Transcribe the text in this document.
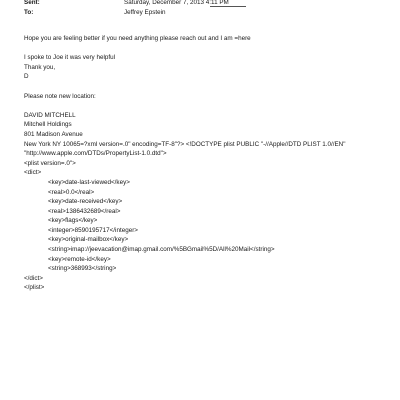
Sent:	Saturday, December 7, 2013 4:11 PM
To:	Jeffrey Epstein
Hope you are feeling better if you need anything please reach out and I am =here
I spoke to Joe it was very helpful
Thank you,
D
Please note new location:
DAVID MITCHELL
Mitchell Holdings
801 Madison Avenue
New York NY 10065=?xml version=.0" encoding=TF-8"?> <!DOCTYPE plist PUBLIC "-//Apple//DTD PLIST 1.0//EN"
"http://www.apple.com/DTDs/PropertyList-1.0.dtd">
<plist version=.0">
<dict>
<key>date-last-viewed</key>
<real>0.0</real>
<key>date-received</key>
<real>1386432689</real>
<key>flags</key>
<integer>8590195717</integer>
<key>original-mailbox</key>
<string>imap://jeevacation@imap.gmail.com/%5BGmail%5D/All%20Mail</string>
<key>remote-id</key>
<string>368993</string>
</dict>
</plist>
